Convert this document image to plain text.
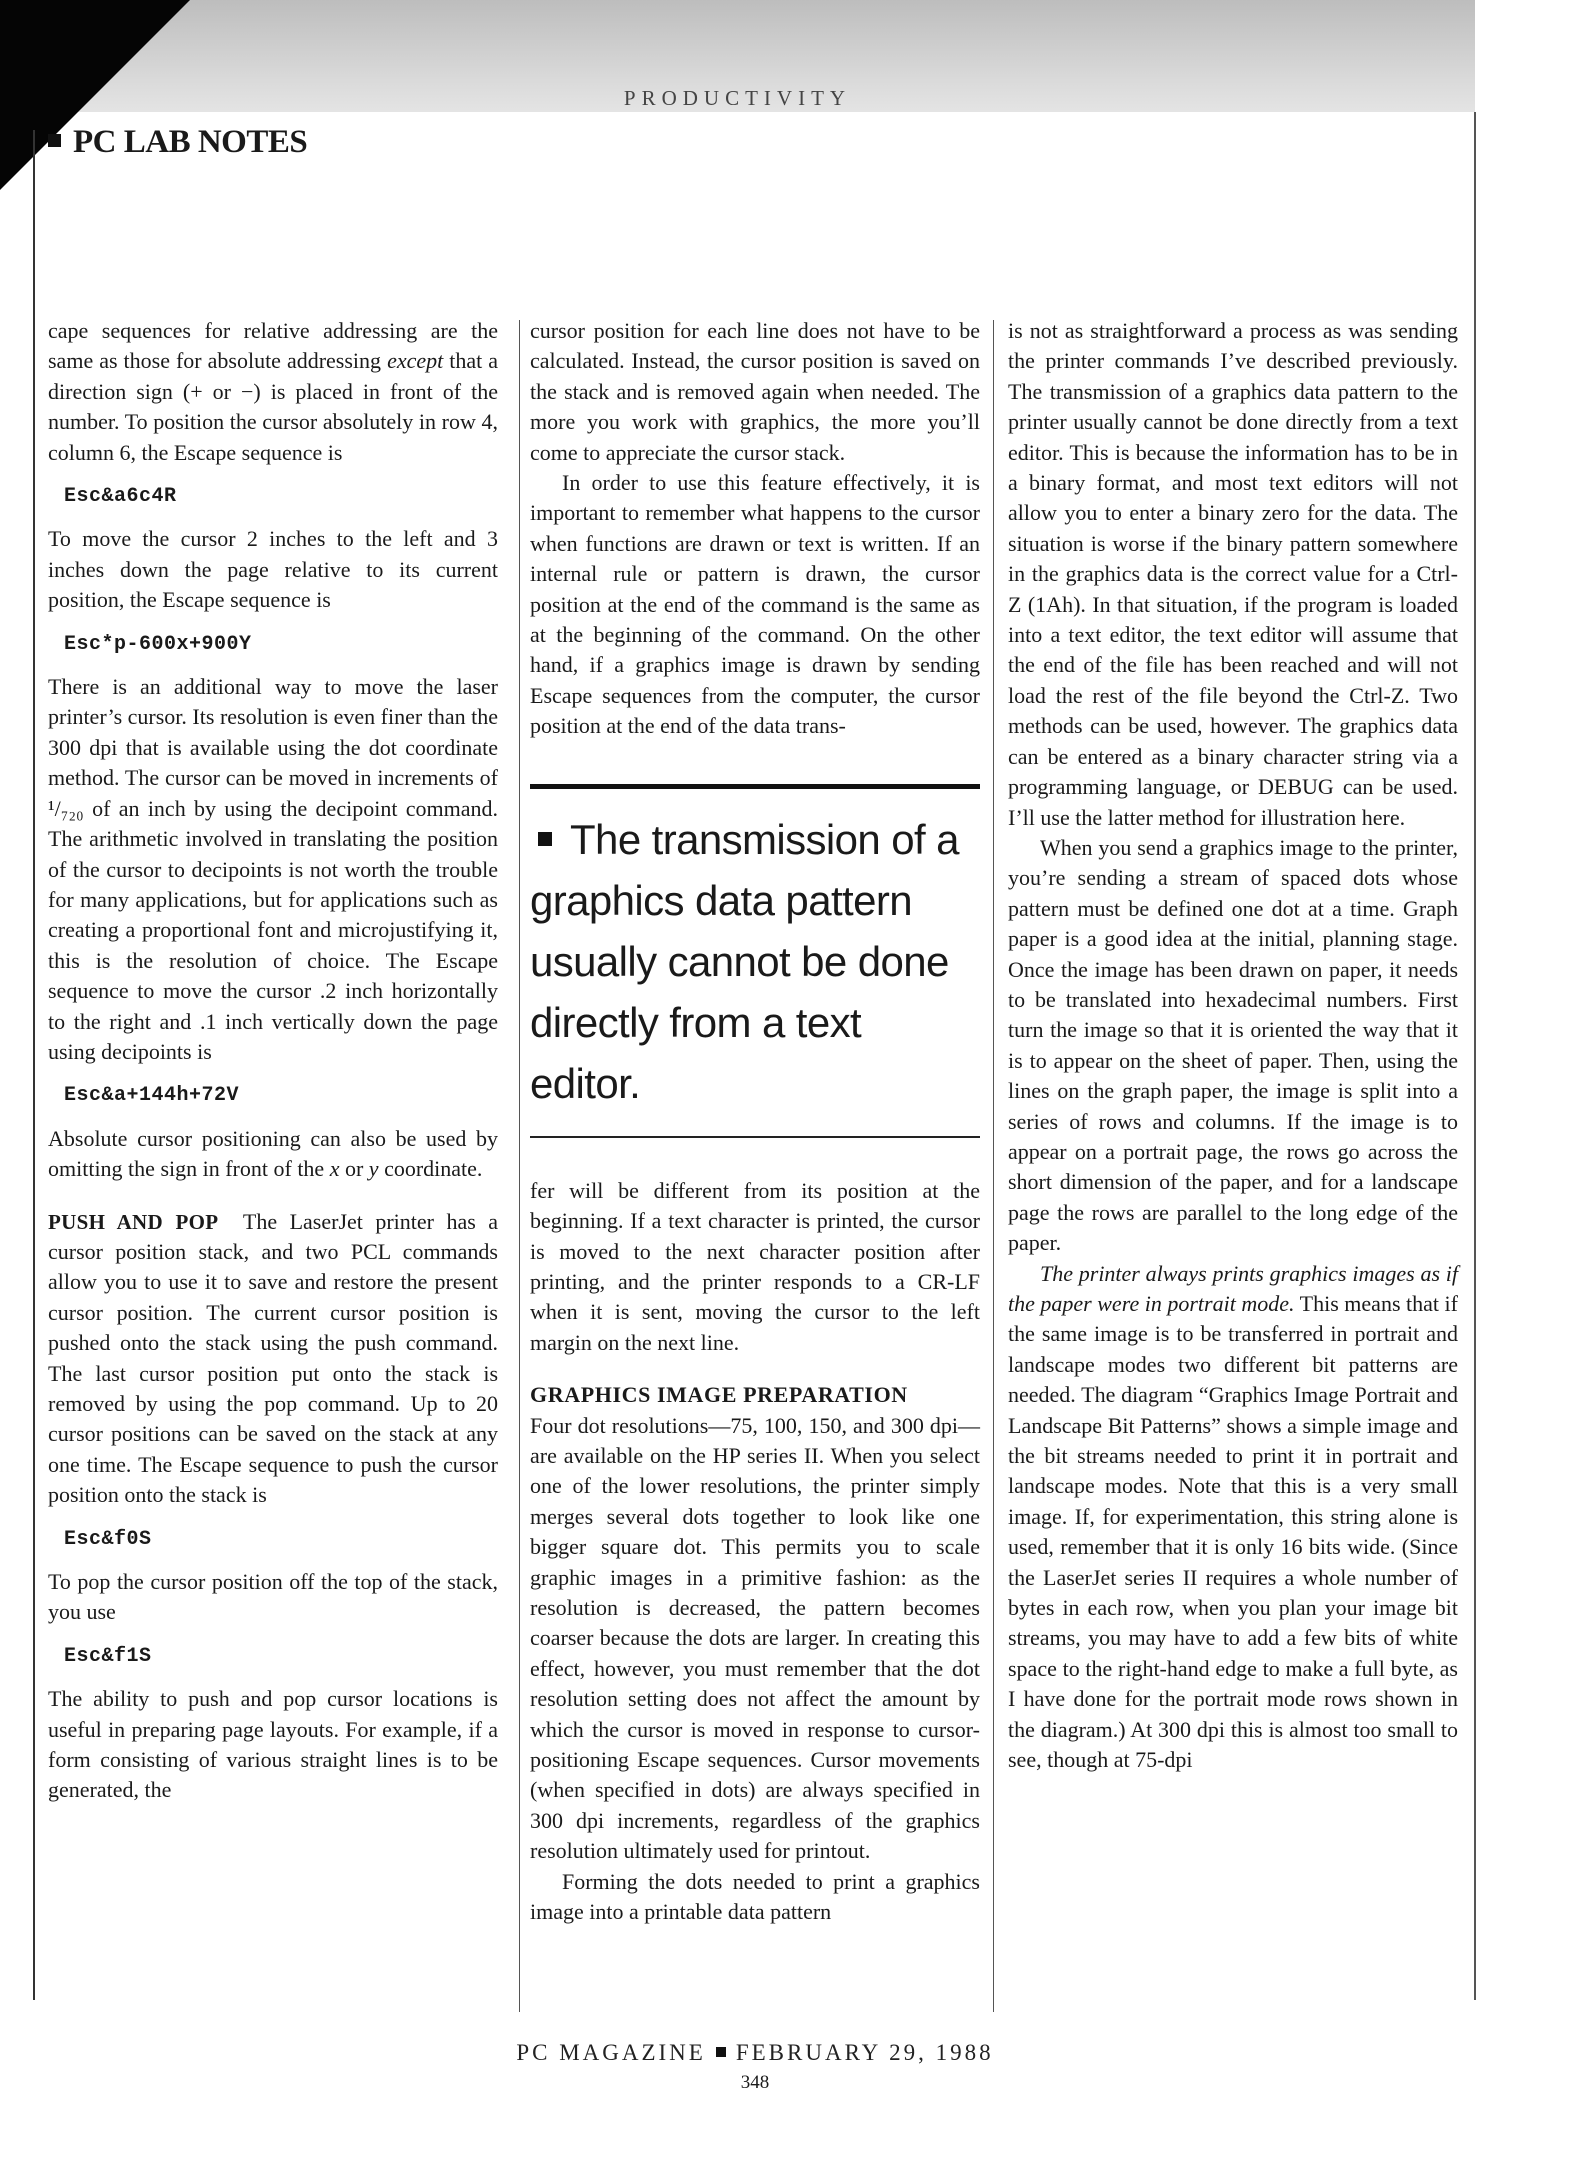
PRODUCTIVITY
PC LAB NOTES

cape sequences for relative addressing are the same as those for absolute addressing except that a direction sign (+ or −) is placed in front of the number. To position the cursor absolutely in row 4, column 6, the Escape sequence is

Esc&a6c4R

To move the cursor 2 inches to the left and 3 inches down the page relative to its current position, the Escape sequence is

Esc*p-600x+900Y

There is an additional way to move the laser printer’s cursor. Its resolution is even finer than the 300 dpi that is available using the dot coordinate method. The cursor can be moved in increments of ¹/₇₂₀ of an inch by using the decipoint command. The arithmetic involved in translating the position of the cursor to decipoints is not worth the trouble for many applications, but for applications such as creating a proportional font and microjustifying it, this is the resolution of choice. The Escape sequence to move the cursor .2 inch horizontally to the right and .1 inch vertically down the page using decipoints is

Esc&a+144h+72V

Absolute cursor positioning can also be used by omitting the sign in front of the x or y coordinate.

PUSH AND POP The LaserJet printer has a cursor position stack, and two PCL commands allow you to use it to save and restore the present cursor position. The current cursor position is pushed onto the stack using the push command. The last cursor position put onto the stack is removed by using the pop command. Up to 20 cursor positions can be saved on the stack at any one time. The Escape sequence to push the cursor position onto the stack is

Esc&f0S

To pop the cursor position off the top of the stack, you use

Esc&f1S

The ability to push and pop cursor locations is useful in preparing page layouts. For example, if a form consisting of various straight lines is to be generated, the

cursor position for each line does not have to be calculated. Instead, the cursor position is saved on the stack and is removed again when needed. The more you work with graphics, the more you’ll come to appreciate the cursor stack.

In order to use this feature effectively, it is important to remember what happens to the cursor when functions are drawn or text is written. If an internal rule or pattern is drawn, the cursor position at the end of the command is the same as at the beginning of the command. On the other hand, if a graphics image is drawn by sending Escape sequences from the computer, the cursor position at the end of the data trans-

The transmission of a graphics data pattern usually cannot be done directly from a text editor.

fer will be different from its position at the beginning. If a text character is printed, the cursor is moved to the next character position after printing, and the printer responds to a CR-LF when it is sent, moving the cursor to the left margin on the next line.

GRAPHICS IMAGE PREPARATION

Four dot resolutions—75, 100, 150, and 300 dpi—are available on the HP series II. When you select one of the lower resolutions, the printer simply merges several dots together to look like one bigger square dot. This permits you to scale graphic images in a primitive fashion: as the resolution is decreased, the pattern becomes coarser because the dots are larger. In creating this effect, however, you must remember that the dot resolution setting does not affect the amount by which the cursor is moved in response to cursor-positioning Escape sequences. Cursor movements (when specified in dots) are always specified in 300 dpi increments, regardless of the graphics resolution ultimately used for printout.

Forming the dots needed to print a graphics image into a printable data pattern

is not as straightforward a process as was sending the printer commands I’ve described previously. The transmission of a graphics data pattern to the printer usually cannot be done directly from a text editor. This is because the information has to be in a binary format, and most text editors will not allow you to enter a binary zero for the data. The situation is worse if the binary pattern somewhere in the graphics data is the correct value for a Ctrl-Z (1Ah). In that situation, if the program is loaded into a text editor, the text editor will assume that the end of the file has been reached and will not load the rest of the file beyond the Ctrl-Z. Two methods can be used, however. The graphics data can be entered as a binary character string via a programming language, or DEBUG can be used. I’ll use the latter method for illustration here.

When you send a graphics image to the printer, you’re sending a stream of spaced dots whose pattern must be defined one dot at a time. Graph paper is a good idea at the initial, planning stage. Once the image has been drawn on paper, it needs to be translated into hexadecimal numbers. First turn the image so that it is oriented the way that it is to appear on the sheet of paper. Then, using the lines on the graph paper, the image is split into a series of rows and columns. If the image is to appear on a portrait page, the rows go across the short dimension of the paper, and for a landscape page the rows are parallel to the long edge of the paper.

The printer always prints graphics images as if the paper were in portrait mode. This means that if the same image is to be transferred in portrait and landscape modes two different bit patterns are needed. The diagram “Graphics Image Portrait and Landscape Bit Patterns” shows a simple image and the bit streams needed to print it in portrait and landscape modes. Note that this is a very small image. If, for experimentation, this string alone is used, remember that it is only 16 bits wide. (Since the LaserJet series II requires a whole number of bytes in each row, when you plan your image bit streams, you may have to add a few bits of white space to the right-hand edge to make a full byte, as I have done for the portrait mode rows shown in the diagram.) At 300 dpi this is almost too small to see, though at 75-dpi

PC MAGAZINE FEBRUARY 29, 1988
348
